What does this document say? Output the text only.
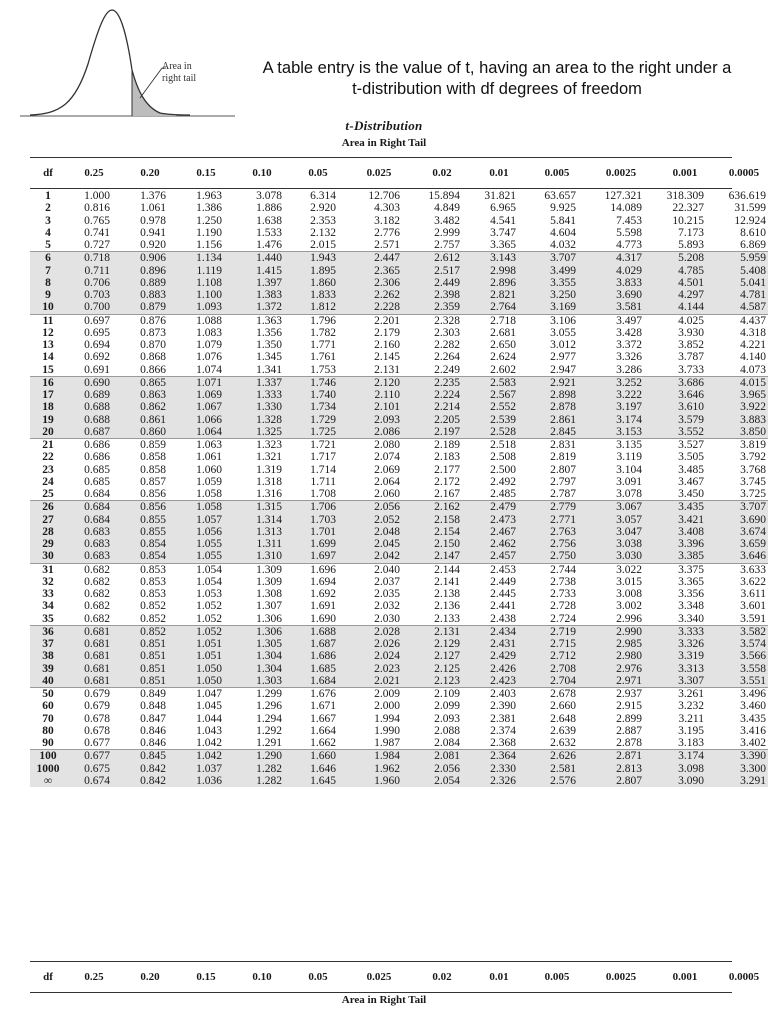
Area in right tail
A table entry is the value of t, having an area to the right under a t-distribution with df degrees of freedom
t-Distribution
Area in Right Tail
df	0.25	0.20	0.15	0.10	0.05	0.025	0.02	0.01	0.005	0.0025	0.001	0.0005
1	1.000	1.376	1.963	3.078	6.314	12.706	15.894	31.821	63.657	127.321	318.309	636.619
2	0.816	1.061	1.386	1.886	2.920	4.303	4.849	6.965	9.925	14.089	22.327	31.599
3	0.765	0.978	1.250	1.638	2.353	3.182	3.482	4.541	5.841	7.453	10.215	12.924
4	0.741	0.941	1.190	1.533	2.132	2.776	2.999	3.747	4.604	5.598	7.173	8.610
5	0.727	0.920	1.156	1.476	2.015	2.571	2.757	3.365	4.032	4.773	5.893	6.869
6	0.718	0.906	1.134	1.440	1.943	2.447	2.612	3.143	3.707	4.317	5.208	5.959
7	0.711	0.896	1.119	1.415	1.895	2.365	2.517	2.998	3.499	4.029	4.785	5.408
8	0.706	0.889	1.108	1.397	1.860	2.306	2.449	2.896	3.355	3.833	4.501	5.041
9	0.703	0.883	1.100	1.383	1.833	2.262	2.398	2.821	3.250	3.690	4.297	4.781
10	0.700	0.879	1.093	1.372	1.812	2.228	2.359	2.764	3.169	3.581	4.144	4.587
11	0.697	0.876	1.088	1.363	1.796	2.201	2.328	2.718	3.106	3.497	4.025	4.437
12	0.695	0.873	1.083	1.356	1.782	2.179	2.303	2.681	3.055	3.428	3.930	4.318
13	0.694	0.870	1.079	1.350	1.771	2.160	2.282	2.650	3.012	3.372	3.852	4.221
14	0.692	0.868	1.076	1.345	1.761	2.145	2.264	2.624	2.977	3.326	3.787	4.140
15	0.691	0.866	1.074	1.341	1.753	2.131	2.249	2.602	2.947	3.286	3.733	4.073
16	0.690	0.865	1.071	1.337	1.746	2.120	2.235	2.583	2.921	3.252	3.686	4.015
17	0.689	0.863	1.069	1.333	1.740	2.110	2.224	2.567	2.898	3.222	3.646	3.965
18	0.688	0.862	1.067	1.330	1.734	2.101	2.214	2.552	2.878	3.197	3.610	3.922
19	0.688	0.861	1.066	1.328	1.729	2.093	2.205	2.539	2.861	3.174	3.579	3.883
20	0.687	0.860	1.064	1.325	1.725	2.086	2.197	2.528	2.845	3.153	3.552	3.850
21	0.686	0.859	1.063	1.323	1.721	2.080	2.189	2.518	2.831	3.135	3.527	3.819
22	0.686	0.858	1.061	1.321	1.717	2.074	2.183	2.508	2.819	3.119	3.505	3.792
23	0.685	0.858	1.060	1.319	1.714	2.069	2.177	2.500	2.807	3.104	3.485	3.768
24	0.685	0.857	1.059	1.318	1.711	2.064	2.172	2.492	2.797	3.091	3.467	3.745
25	0.684	0.856	1.058	1.316	1.708	2.060	2.167	2.485	2.787	3.078	3.450	3.725
26	0.684	0.856	1.058	1.315	1.706	2.056	2.162	2.479	2.779	3.067	3.435	3.707
27	0.684	0.855	1.057	1.314	1.703	2.052	2.158	2.473	2.771	3.057	3.421	3.690
28	0.683	0.855	1.056	1.313	1.701	2.048	2.154	2.467	2.763	3.047	3.408	3.674
29	0.683	0.854	1.055	1.311	1.699	2.045	2.150	2.462	2.756	3.038	3.396	3.659
30	0.683	0.854	1.055	1.310	1.697	2.042	2.147	2.457	2.750	3.030	3.385	3.646
31	0.682	0.853	1.054	1.309	1.696	2.040	2.144	2.453	2.744	3.022	3.375	3.633
32	0.682	0.853	1.054	1.309	1.694	2.037	2.141	2.449	2.738	3.015	3.365	3.622
33	0.682	0.853	1.053	1.308	1.692	2.035	2.138	2.445	2.733	3.008	3.356	3.611
34	0.682	0.852	1.052	1.307	1.691	2.032	2.136	2.441	2.728	3.002	3.348	3.601
35	0.682	0.852	1.052	1.306	1.690	2.030	2.133	2.438	2.724	2.996	3.340	3.591
36	0.681	0.852	1.052	1.306	1.688	2.028	2.131	2.434	2.719	2.990	3.333	3.582
37	0.681	0.851	1.051	1.305	1.687	2.026	2.129	2.431	2.715	2.985	3.326	3.574
38	0.681	0.851	1.051	1.304	1.686	2.024	2.127	2.429	2.712	2.980	3.319	3.566
39	0.681	0.851	1.050	1.304	1.685	2.023	2.125	2.426	2.708	2.976	3.313	3.558
40	0.681	0.851	1.050	1.303	1.684	2.021	2.123	2.423	2.704	2.971	3.307	3.551
50	0.679	0.849	1.047	1.299	1.676	2.009	2.109	2.403	2.678	2.937	3.261	3.496
60	0.679	0.848	1.045	1.296	1.671	2.000	2.099	2.390	2.660	2.915	3.232	3.460
70	0.678	0.847	1.044	1.294	1.667	1.994	2.093	2.381	2.648	2.899	3.211	3.435
80	0.678	0.846	1.043	1.292	1.664	1.990	2.088	2.374	2.639	2.887	3.195	3.416
90	0.677	0.846	1.042	1.291	1.662	1.987	2.084	2.368	2.632	2.878	3.183	3.402
100	0.677	0.845	1.042	1.290	1.660	1.984	2.081	2.364	2.626	2.871	3.174	3.390
1000	0.675	0.842	1.037	1.282	1.646	1.962	2.056	2.330	2.581	2.813	3.098	3.300
∞	0.674	0.842	1.036	1.282	1.645	1.960	2.054	2.326	2.576	2.807	3.090	3.291
df	0.25	0.20	0.15	0.10	0.05	0.025	0.02	0.01	0.005	0.0025	0.001	0.0005
Area in Right Tail
